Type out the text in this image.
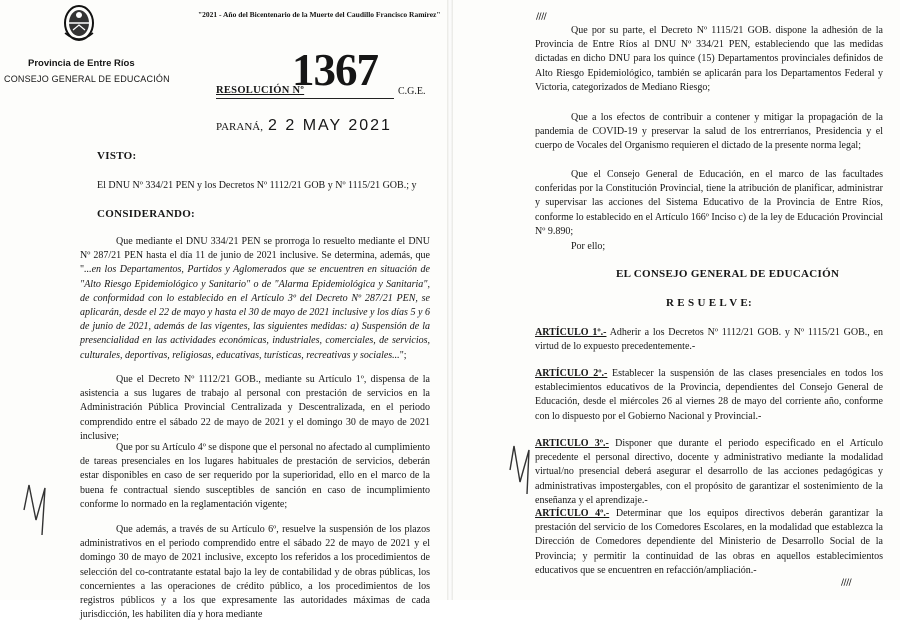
Provincia de Entre Ríos
CONSEJO GENERAL DE EDUCACIÓN
"2021 - Año del Bicentenario de la Muerte del Caudillo Francisco Ramírez"
RESOLUCIÓN Nº
1367 C.G.E.
PARANÁ, 2 2 MAY 2021
VISTO:
El DNU Nº 334/21 PEN y los Decretos Nº 1112/21 GOB y Nº 1115/21 GOB.; y
CONSIDERANDO:
Que mediante el DNU 334/21 PEN se prorroga lo resuelto mediante el DNU Nº 287/21 PEN hasta el día 11 de junio de 2021 inclusive. Se determina, además, que "...en los Departamentos, Partidos y Aglomerados que se encuentren en situación de "Alto Riesgo Epidemiológico y Sanitario" o de "Alarma Epidemiológica y Sanitaria", de conformidad con lo establecido en el Artículo 3º del Decreto Nº 287/21 PEN, se aplicarán, desde el 22 de mayo y hasta el 30 de mayo de 2021 inclusive y los días 5 y 6 de junio de 2021, además de las vigentes, las siguientes medidas: a) Suspensión de la presencialidad en las actividades económicas, industriales, comerciales, de servicios, culturales, deportivas, religiosas, educativas, turísticas, recreativas y sociales...";
Que el Decreto Nº 1112/21 GOB., mediante su Artículo 1º, dispensa de la asistencia a sus lugares de trabajo al personal con prestación de servicios en la Administración Pública Provincial Centralizada y Descentralizada, en el periodo comprendido entre el sábado 22 de mayo de 2021 y el domingo 30 de mayo de 2021 inclusive;
Que por su Artículo 4º se dispone que el personal no afectado al cumplimiento de tareas presenciales en los lugares habituales de prestación de servicios, deberán estar disponibles en caso de ser requerido por la superioridad, ello en el marco de la buena fe contractual siendo susceptibles de sanción en caso de incumplimiento conforme lo normado en la reglamentación vigente;
Que además, a través de su Artículo 6º, resuelve la suspensión de los plazos administrativos en el periodo comprendido entre el sábado 22 de mayo de 2021 y el domingo 30 de mayo de 2021 inclusive, excepto los referidos a los procedimientos de selección del co-contratante estatal bajo la ley de contabilidad y de obras públicas, los concernientes a las operaciones de crédito público, a los procedimientos de los registros públicos y a los que expresamente las autoridades máximas de cada jurisdicción, les habiliten día y hora mediante
////
Que por su parte, el Decreto Nº 1115/21 GOB. dispone la adhesión de la Provincia de Entre Ríos al DNU Nº 334/21 PEN, estableciendo que las medidas dictadas en dicho DNU para los quince (15) Departamentos provinciales definidos de Alto Riesgo Epidemiológico, también se aplicarán para los Departamentos Federal y Victoria, categorizados de Mediano Riesgo;
Que a los efectos de contribuir a contener y mitigar la propagación de la pandemia de COVID-19 y preservar la salud de los entrerrianos, Presidencia y el cuerpo de Vocales del Organismo requieren el dictado de la presente norma legal;
Que el Consejo General de Educación, en el marco de las facultades conferidas por la Constitución Provincial, tiene la atribución de planificar, administrar y supervisar las acciones del Sistema Educativo de la Provincia de Entre Ríos, conforme lo establecido en el Artículo 166º Inciso c) de la ley de Educación Provincial Nº 9.890;
Por ello;
EL CONSEJO GENERAL DE EDUCACIÓN
R E S U E L V E:
ARTÍCULO 1º.- Adherir a los Decretos Nº 1112/21 GOB. y Nº 1115/21 GOB., en virtud de lo expuesto precedentemente.-
ARTÍCULO 2º.- Establecer la suspensión de las clases presenciales en todos los establecimientos educativos de la Provincia, dependientes del Consejo General de Educación, desde el miércoles 26 al viernes 28 de mayo del corriente año, conforme con lo dispuesto por el Gobierno Nacional y Provincial.-
ARTICULO 3º.- Disponer que durante el periodo especificado en el Artículo precedente el personal directivo, docente y administrativo mediante la modalidad virtual/no presencial deberá asegurar el desarrollo de las acciones pedagógicas y administrativas impostergables, con el propósito de garantizar el sostenimiento de la enseñanza y el aprendizaje.-
ARTÍCULO 4º.- Determinar que los equipos directivos deberán garantizar la prestación del servicio de los Comedores Escolares, en la modalidad que establezca la Dirección de Comedores dependiente del Ministerio de Desarrollo Social de la Provincia; y permitir la continuidad de las obras en aquellos establecimientos educativos que se encuentren en refacción/ampliación.-
////
